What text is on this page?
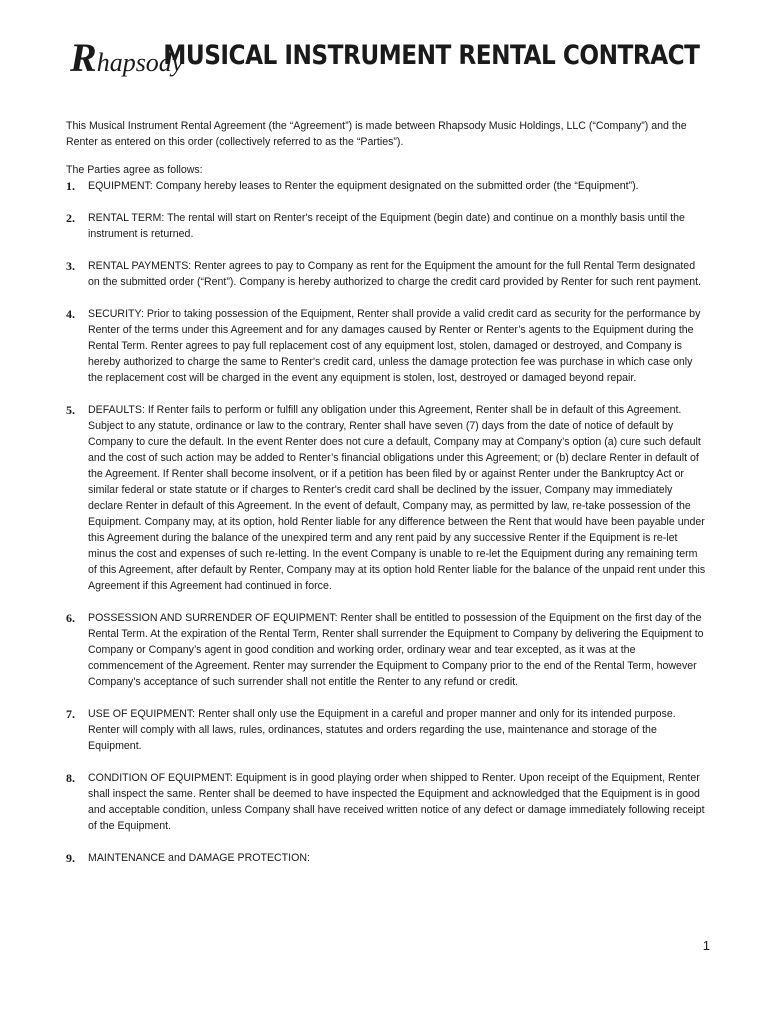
Rhapsody
MUSICAL INSTRUMENT RENTAL CONTRACT

This Musical Instrument Rental Agreement (the “Agreement”) is made between Rhapsody Music Holdings, LLC (“Company”) and the Renter as entered on this order (collectively referred to as the “Parties”).

The Parties agree as follows:

1. EQUIPMENT: Company hereby leases to Renter the equipment designated on the submitted order (the “Equipment”).
2. RENTAL TERM: The rental will start on Renter's receipt of the Equipment (begin date) and continue on a monthly basis until the instrument is returned.
3. RENTAL PAYMENTS: Renter agrees to pay to Company as rent for the Equipment the amount for the full Rental Term designated on the submitted order (“Rent”). Company is hereby authorized to charge the credit card provided by Renter for such rent payment.
4. SECURITY: Prior to taking possession of the Equipment, Renter shall provide a valid credit card as security for the performance by Renter of the terms under this Agreement and for any damages caused by Renter or Renter’s agents to the Equipment during the Rental Term. Renter agrees to pay full replacement cost of any equipment lost, stolen, damaged or destroyed, and Company is hereby authorized to charge the same to Renter's credit card, unless the damage protection fee was purchase in which case only the replacement cost will be charged in the event any equipment is stolen, lost, destroyed or damaged beyond repair.
5. DEFAULTS: If Renter fails to perform or fulfill any obligation under this Agreement, Renter shall be in default of this Agreement. Subject to any statute, ordinance or law to the contrary, Renter shall have seven (7) days from the date of notice of default by Company to cure the default. In the event Renter does not cure a default, Company may at Company’s option (a) cure such default and the cost of such action may be added to Renter’s financial obligations under this Agreement; or (b) declare Renter in default of the Agreement. If Renter shall become insolvent, or if a petition has been filed by or against Renter under the Bankruptcy Act or similar federal or state statute or if charges to Renter's credit card shall be declined by the issuer, Company may immediately declare Renter in default of this Agreement. In the event of default, Company may, as permitted by law, re-take possession of the Equipment. Company may, at its option, hold Renter liable for any difference between the Rent that would have been payable under this Agreement during the balance of the unexpired term and any rent paid by any successive Renter if the Equipment is re-let minus the cost and expenses of such re-letting. In the event Company is unable to re-let the Equipment during any remaining term of this Agreement, after default by Renter, Company may at its option hold Renter liable for the balance of the unpaid rent under this Agreement if this Agreement had continued in force.
6. POSSESSION AND SURRENDER OF EQUIPMENT: Renter shall be entitled to possession of the Equipment on the first day of the Rental Term. At the expiration of the Rental Term, Renter shall surrender the Equipment to Company by delivering the Equipment to Company or Company’s agent in good condition and working order, ordinary wear and tear excepted, as it was at the commencement of the Agreement. Renter may surrender the Equipment to Company prior to the end of the Rental Term, however Company's acceptance of such surrender shall not entitle the Renter to any refund or credit.
7. USE OF EQUIPMENT: Renter shall only use the Equipment in a careful and proper manner and only for its intended purpose. Renter will comply with all laws, rules, ordinances, statutes and orders regarding the use, maintenance and storage of the Equipment.
8. CONDITION OF EQUIPMENT: Equipment is in good playing order when shipped to Renter. Upon receipt of the Equipment, Renter shall inspect the same. Renter shall be deemed to have inspected the Equipment and acknowledged that the Equipment is in good and acceptable condition, unless Company shall have received written notice of any defect or damage immediately following receipt of the Equipment.
9. MAINTENANCE and DAMAGE PROTECTION:
1
